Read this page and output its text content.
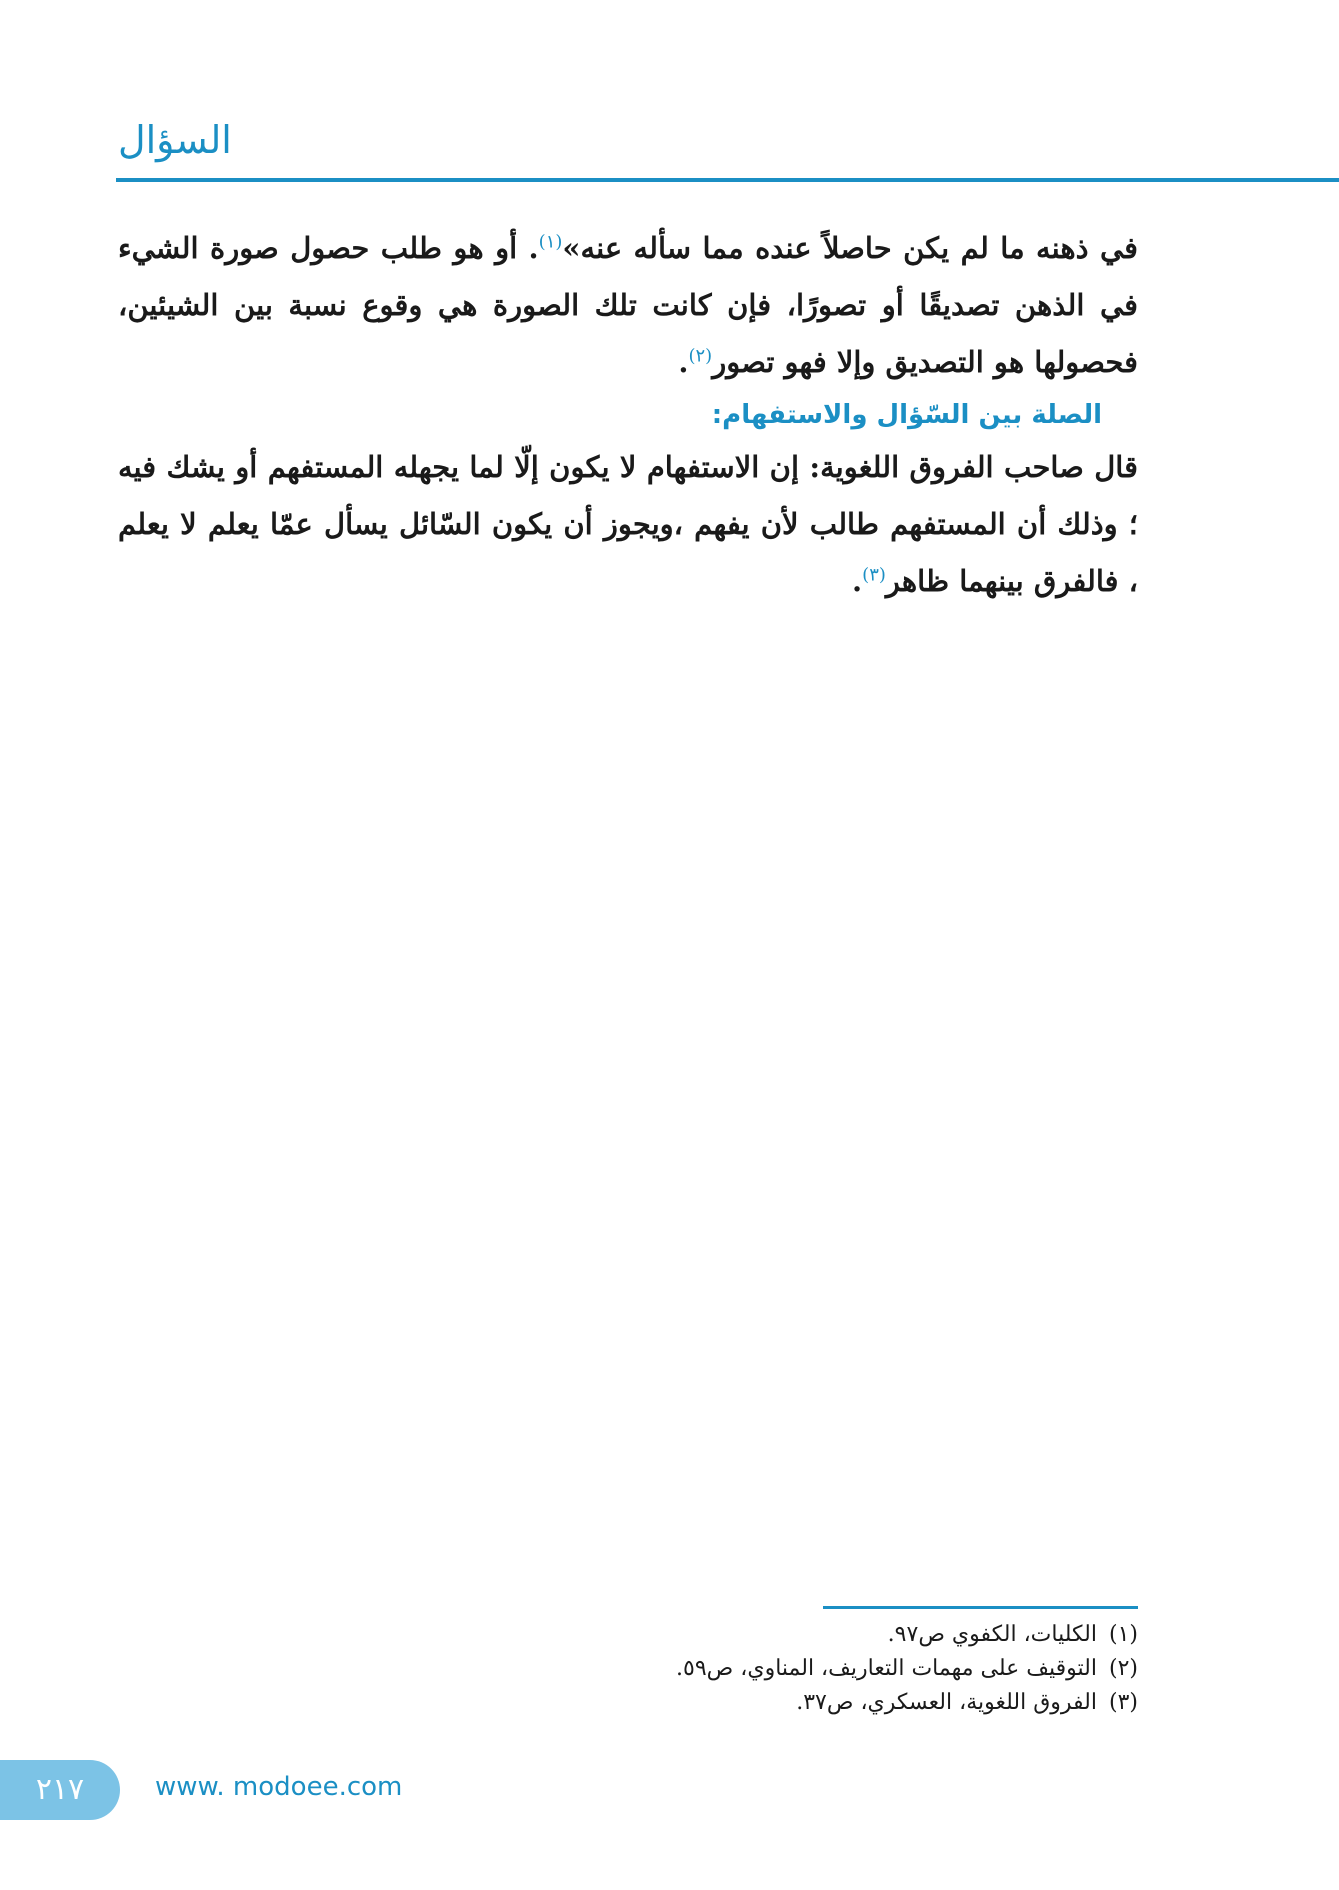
السؤال

في ذهنه ما لم يكن حاصلاً عنده مما سأله عنه»$^{(١)}$. أو هو طلب حصول صورة الشيء في الذهن تصديقًا أو تصورًا، فإن كانت تلك الصورة هي وقوع نسبة بين الشيئين، فحصولها هو التصديق وإلا فهو تصور$^{(٢)}$.

الصلة بين السّؤال والاستفهام:

قال صاحب الفروق اللغوية: إن الاستفهام لا يكون إلّا لما يجهله المستفهم أو يشك فيه ؛ وذلك أن المستفهم طالب لأن يفهم ،ويجوز أن يكون السّائل يسأل عمّا يعلم لا يعلم ، فالفرق بينهما ظاهر$^{(٣)}$.

(١)الكليات، الكفوي ص٩٧.
(٢)التوقيف على مهمات التعاريف، المناوي، ص٥٩.
(٣)الفروق اللغوية، العسكري، ص٣٧.
٢١٧	www. modoee.com
